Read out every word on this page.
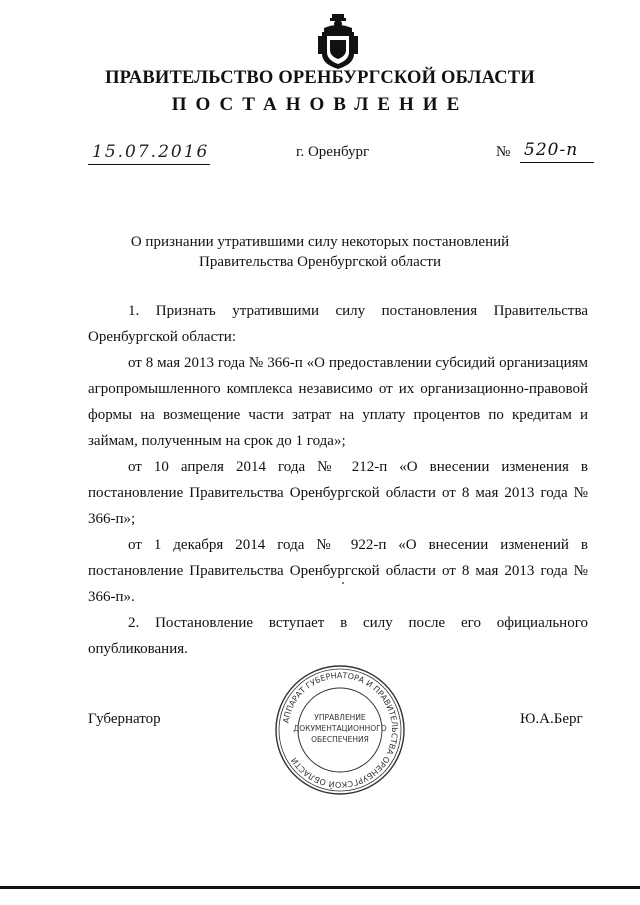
ПРАВИТЕЛЬСТВО ОРЕНБУРГСКОЙ ОБЛАСТИ
ПОСТАНОВЛЕНИЕ
15.07.2016	г. Оренбург	№ 520-п
О признании утратившими силу некоторых постановлений
Правительства Оренбургской области
1. Признать утратившими силу постановления Правительства Оренбургской области:
от 8 мая 2013 года № 366-п «О предоставлении субсидий организациям агропромышленного комплекса независимо от их организационно-правовой формы на возмещение части затрат на уплату процентов по кредитам и займам, полученным на срок до 1 года»;
от 10 апреля 2014 года № 212-п «О внесении изменения в постановление Правительства Оренбургской области от 8 мая 2013 года № 366-п»;
от 1 декабря 2014 года № 922-п «О внесении изменений в постановление Правительства Оренбургской области от 8 мая 2013 года № 366-п».
2. Постановление вступает в силу после его официального опубликования.
Губернатор	Ю.А.Берг
АППАРАТ ГУБЕРНАТОРА И ПРАВИТЕЛЬСТВА ОРЕНБУРГСКОЙ ОБЛАСТИ
УПРАВЛЕНИЕ
ДОКУМЕНТАЦИОННОГО
ОБЕСПЕЧЕНИЯ
